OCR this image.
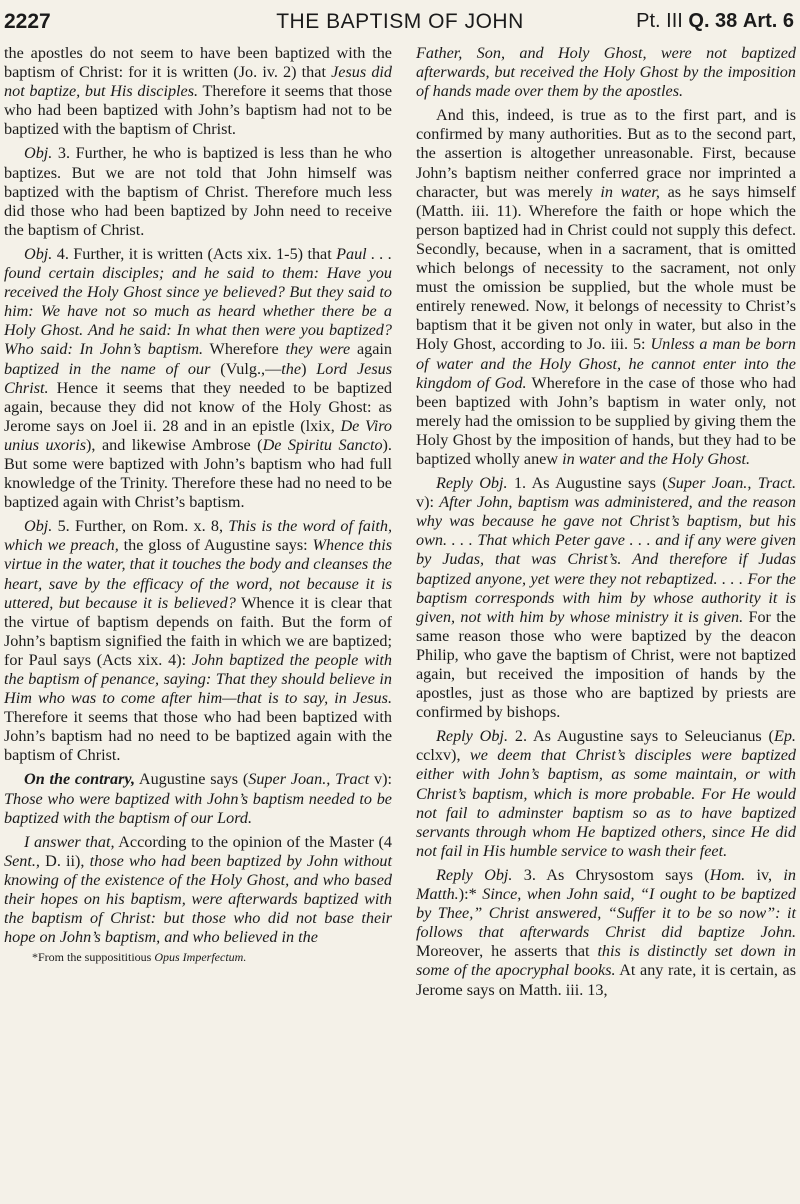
2227	THE BAPTISM OF JOHN	Pt. III Q. 38 Art. 6

the apostles do not seem to have been baptized with the baptism of Christ: for it is written (Jo. iv. 2) that Jesus did not baptize, but His disciples. Therefore it seems that those who had been baptized with John’s baptism had not to be baptized with the baptism of Christ.

Obj. 3. Further, he who is baptized is less than he who baptizes. But we are not told that John himself was baptized with the baptism of Christ. Therefore much less did those who had been baptized by John need to receive the baptism of Christ.

Obj. 4. Further, it is written (Acts xix. 1-5) that Paul . . . found certain disciples; and he said to them: Have you received the Holy Ghost since ye believed? But they said to him: We have not so much as heard whether there be a Holy Ghost. And he said: In what then were you baptized? Who said: In John’s baptism. Wherefore they were again baptized in the name of our (Vulg.,—the) Lord Jesus Christ. Hence it seems that they needed to be baptized again, because they did not know of the Holy Ghost: as Jerome says on Joel ii. 28 and in an epistle (lxix, De Viro unius uxoris), and likewise Ambrose (De Spiritu Sancto). But some were baptized with John’s baptism who had full knowledge of the Trinity. Therefore these had no need to be baptized again with Christ’s baptism.

Obj. 5. Further, on Rom. x. 8, This is the word of faith, which we preach, the gloss of Augustine says: Whence this virtue in the water, that it touches the body and cleanses the heart, save by the efficacy of the word, not because it is uttered, but because it is believed? Whence it is clear that the virtue of baptism depends on faith. But the form of John’s baptism signified the faith in which we are baptized; for Paul says (Acts xix. 4): John baptized the people with the baptism of penance, saying: That they should believe in Him who was to come after him—that is to say, in Jesus. Therefore it seems that those who had been baptized with John’s baptism had no need to be baptized again with the baptism of Christ.

On the contrary, Augustine says (Super Joan., Tract v): Those who were baptized with John’s baptism needed to be baptized with the baptism of our Lord.

I answer that, According to the opinion of the Master (4 Sent., D. ii), those who had been baptized by John without knowing of the existence of the Holy Ghost, and who based their hopes on his baptism, were afterwards baptized with the baptism of Christ: but those who did not base their hope on John’s baptism, and who believed in the

*From the supposititious Opus Imperfectum.

Father, Son, and Holy Ghost, were not baptized afterwards, but received the Holy Ghost by the imposition of hands made over them by the apostles.

And this, indeed, is true as to the first part, and is confirmed by many authorities. But as to the second part, the assertion is altogether unreasonable. First, because John’s baptism neither conferred grace nor imprinted a character, but was merely in water, as he says himself (Matth. iii. 11). Wherefore the faith or hope which the person baptized had in Christ could not supply this defect. Secondly, because, when in a sacrament, that is omitted which belongs of necessity to the sacrament, not only must the omission be supplied, but the whole must be entirely renewed. Now, it belongs of necessity to Christ’s baptism that it be given not only in water, but also in the Holy Ghost, according to Jo. iii. 5: Unless a man be born of water and the Holy Ghost, he cannot enter into the kingdom of God. Wherefore in the case of those who had been baptized with John’s baptism in water only, not merely had the omission to be supplied by giving them the Holy Ghost by the imposition of hands, but they had to be baptized wholly anew in water and the Holy Ghost.

Reply Obj. 1. As Augustine says (Super Joan., Tract. v): After John, baptism was administered, and the reason why was because he gave not Christ’s baptism, but his own. . . . That which Peter gave . . . and if any were given by Judas, that was Christ’s. And therefore if Judas baptized anyone, yet were they not rebaptized. . . . For the baptism corresponds with him by whose authority it is given, not with him by whose ministry it is given. For the same reason those who were baptized by the deacon Philip, who gave the baptism of Christ, were not baptized again, but received the imposition of hands by the apostles, just as those who are baptized by priests are confirmed by bishops.

Reply Obj. 2. As Augustine says to Seleucianus (Ep. cclxv), we deem that Christ’s disciples were baptized either with John’s baptism, as some maintain, or with Christ’s baptism, which is more probable. For He would not fail to adminster baptism so as to have baptized servants through whom He baptized others, since He did not fail in His humble service to wash their feet.

Reply Obj. 3. As Chrysostom says (Hom. iv, in Matth.):* Since, when John said, “I ought to be baptized by Thee,” Christ answered, “Suffer it to be so now”: it follows that afterwards Christ did baptize John. Moreover, he asserts that this is distinctly set down in some of the apocryphal books. At any rate, it is certain, as Jerome says on Matth. iii. 13,
